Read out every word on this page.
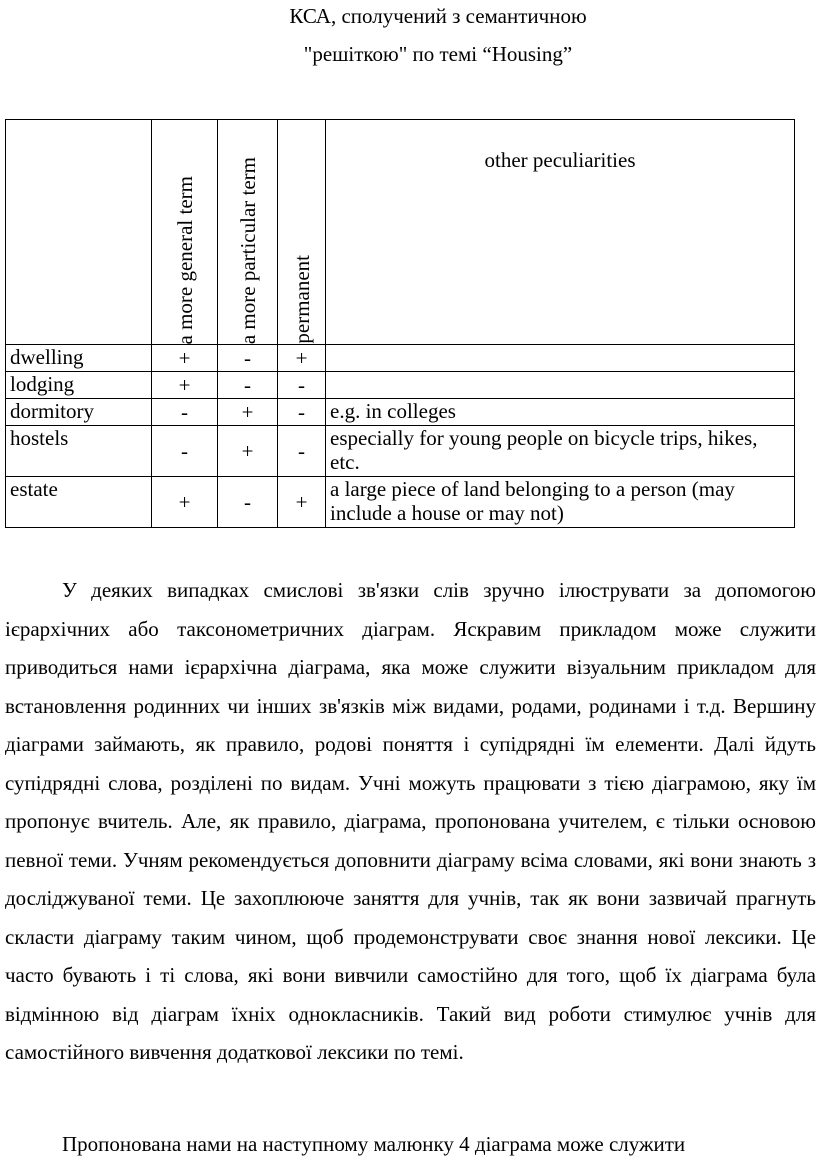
КСА, сполучений з семантичною
"решіткою" по темі “Housing”

	a more general term	a more particular term	permanent	other peculiarities

dwelling	+	-	+	
lodging	+	-	-	
dormitory	-	+	-	e.g. in colleges
hostels	-	+	-	especially for young people on bicycle trips, hikes, etc.
estate	+	-	+	a large piece of land belonging to a person (may include a house or may not)

У деяких випадках смислові зв'язки слів зручно ілюструвати за допомогою ієрархічних або таксонометричних діаграм. Яскравим прикладом може служити приводиться нами ієрархічна діаграма, яка може служити візуальним прикладом для встановлення родинних чи інших зв'язків між видами, родами, родинами і т.д. Вершину діаграми займають, як правило, родові поняття і супідрядні їм елементи. Далі йдуть супідрядні слова, розділені по видам. Учні можуть працювати з тією діаграмою, яку їм пропонує вчитель. Але, як правило, діаграма, пропонована учителем, є тільки основою певної теми. Учням рекомендується доповнити діаграму всіма словами, які вони знають з досліджуваної теми. Це захоплююче заняття для учнів, так як вони зазвичай прагнуть скласти діаграму таким чином, щоб продемонструвати своє знання нової лексики. Це часто бувають і ті слова, які вони вивчили самостійно для того, щоб їх діаграма була відмінною від діаграм їхніх однокласників. Такий вид роботи стимулює учнів для самостійного вивчення додаткової лексики по темі.

Пропонована нами на наступному малюнку 4 діаграма може служити
